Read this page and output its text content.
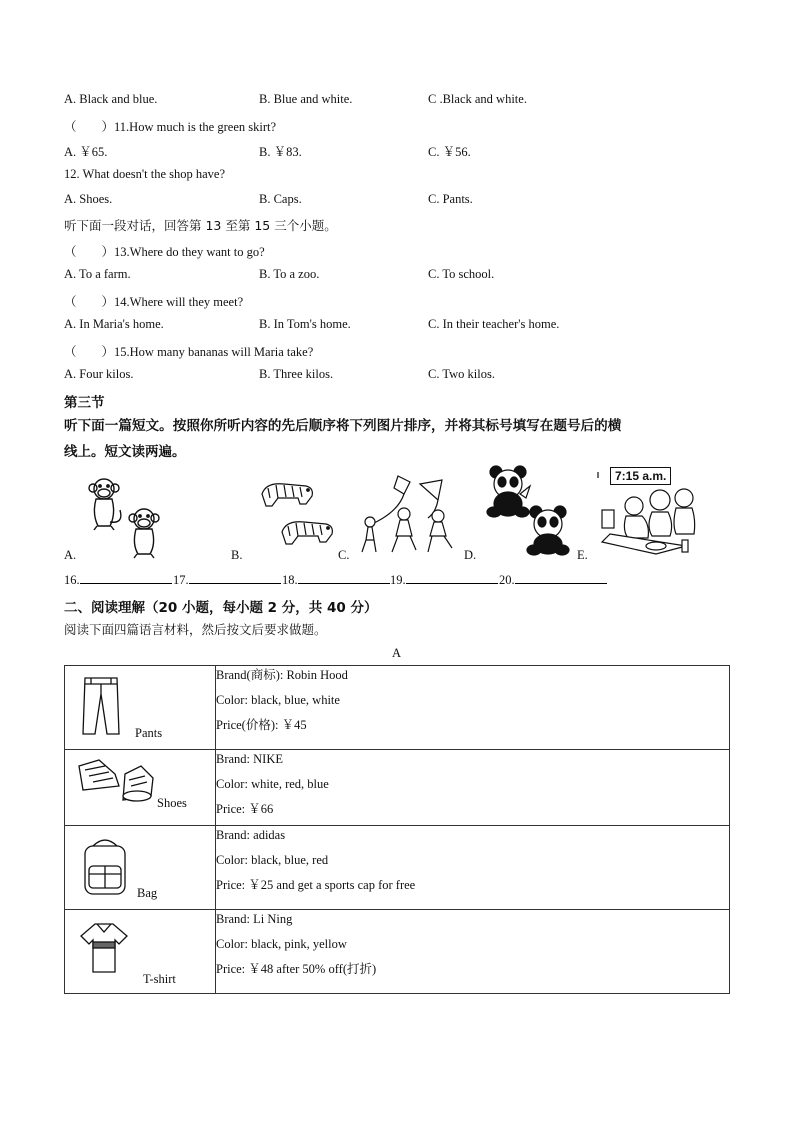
A. Black and blue.	B. Blue and white.	C .Black and white.
（　　）11.How much is the green skirt?
A. ￥65.	B. ￥83.	C. ￥56.
12. What doesn't the shop have?
A. Shoes.	B. Caps.	C. Pants.
听下面一段对话，回答第 13 至第 15 三个小题。
（　　）13.Where do they want to go?
A. To a farm.	B. To a zoo.	C. To school.
（　　）14.Where will they meet?
A. In Maria's home.	B. In Tom's home.	C. In their teacher's home.
（　　）15.How many bananas will Maria take?
A. Four kilos.	B. Three kilos.	C. Two kilos.
第三节
听下面一篇短文。按照你所听内容的先后顺序将下列图片排序，并将其标号填写在题号后的横
线上。短文读两遍。
A.	B.	C.	D.
7:15 a.m.
E.
16.	17.	18.	19.	20.
二、阅读理解（20 小题，每小题 2 分，共 40 分）
阅读下面四篇语言材料，然后按文后要求做题。
A
Pants	Brand(商标): Robin Hood
Color: black, blue, white
Price(价格): ￥45

Shoes	Brand: NIKE
Color: white, red, blue
Price: ￥66

Bag	Brand: adidas
Color: black, blue, red
Price: ￥25 and get a sports cap for free

T-shirt	Brand: Li Ning
Color: black, pink, yellow
Price: ￥48 after 50% off(打折)
